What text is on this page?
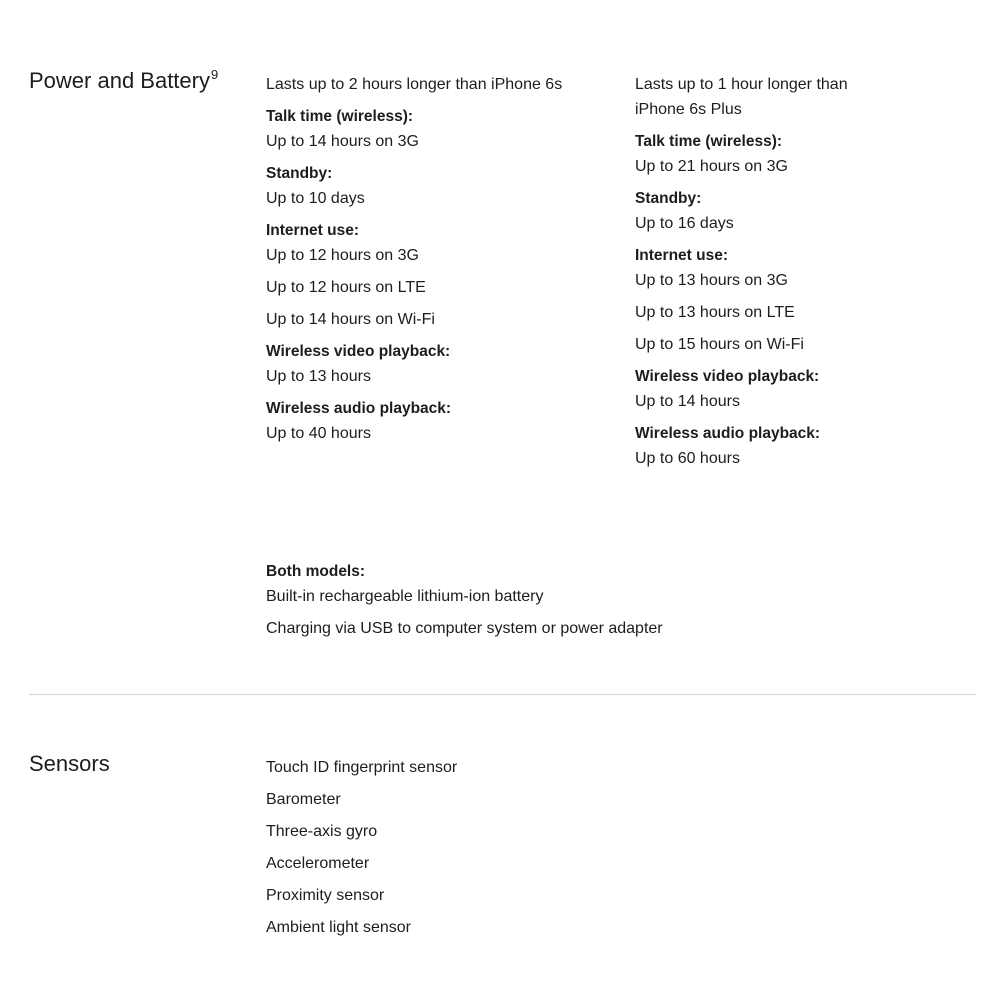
Power and Battery$^9$

Lasts up to 2 hours longer than iPhone 6s

Talk time (wireless):

Up to 14 hours on 3G

Standby:

Up to 10 days

Internet use:

Up to 12 hours on 3G

Up to 12 hours on LTE

Up to 14 hours on Wi-Fi

Wireless video playback:

Up to 13 hours

Wireless audio playback:

Up to 40 hours

Lasts up to 1 hour longer than

iPhone 6s Plus

Talk time (wireless):

Up to 21 hours on 3G

Standby:

Up to 16 days

Internet use:

Up to 13 hours on 3G

Up to 13 hours on LTE

Up to 15 hours on Wi-Fi

Wireless video playback:

Up to 14 hours

Wireless audio playback:

Up to 60 hours

Both models:

Built-in rechargeable lithium-ion battery

Charging via USB to computer system or power adapter

Sensors	Touch ID fingerprint sensor

Barometer

Three-axis gyro

Accelerometer

Proximity sensor

Ambient light sensor
